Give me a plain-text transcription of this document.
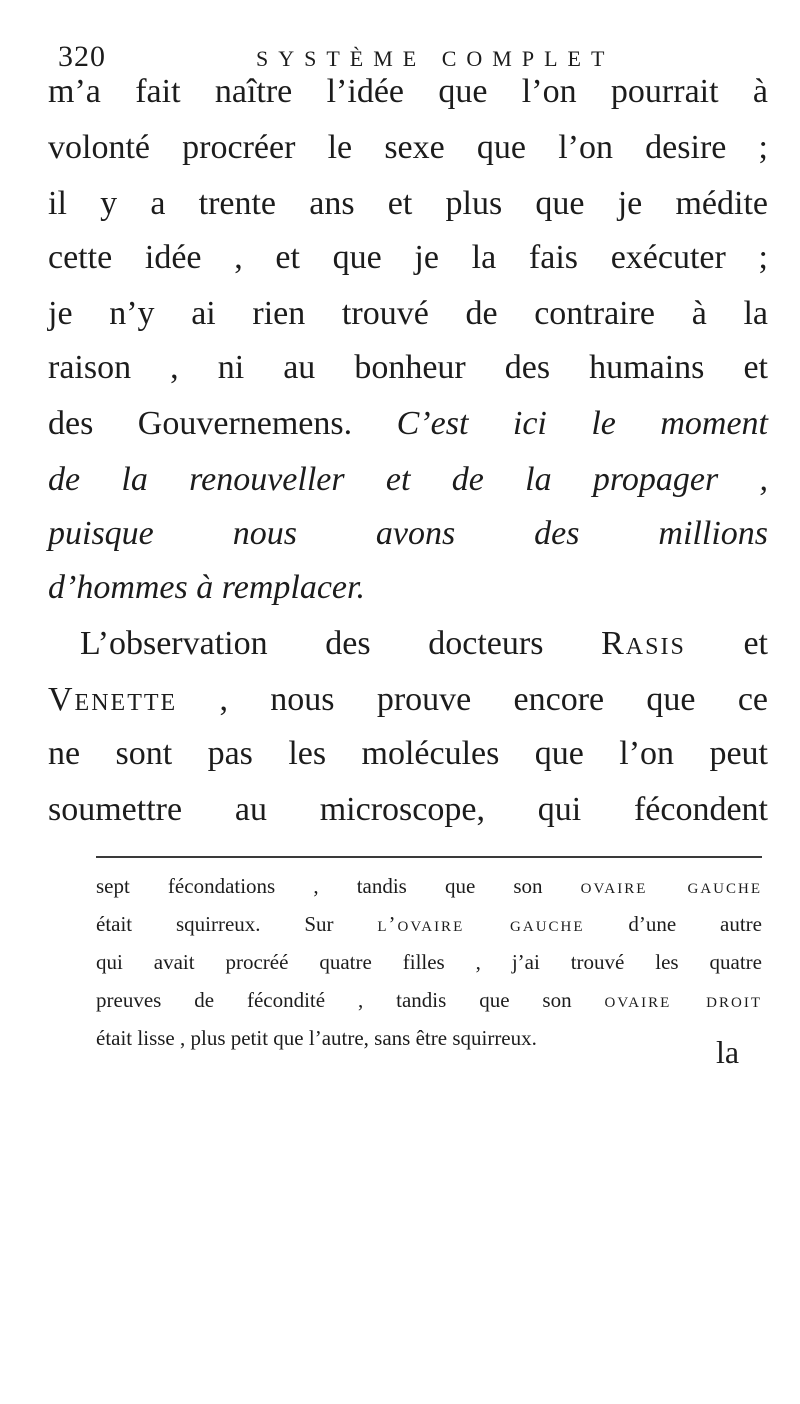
320	SYSTÈME COMPLET
m’a fait naître l’idée que l’on pourrait à
volonté procréer le sexe que l’on desire ;
il y a trente ans et plus que je médite
cette idée , et que je la fais exécuter ;
je n’y ai rien trouvé de contraire à la
raison , ni au bonheur des humains et
des Gouvernemens. C’est ici le moment
de la renouveller et de la propager ,
puisque nous avons des millions
d’hommes à remplacer.
L’observation des docteurs Rasis et
Venette , nous prouve encore que ce
ne sont pas les molécules que l’on peut
soumettre au microscope, qui fécondent
sept fécondations , tandis que son ovaire gauche
était squirreux. Sur l’ovaire gauche d’une autre
qui avait procréé quatre filles , j’ai trouvé les quatre
preuves de fécondité , tandis que son ovaire droit
était lisse , plus petit que l’autre, sans être squirreux.	la
